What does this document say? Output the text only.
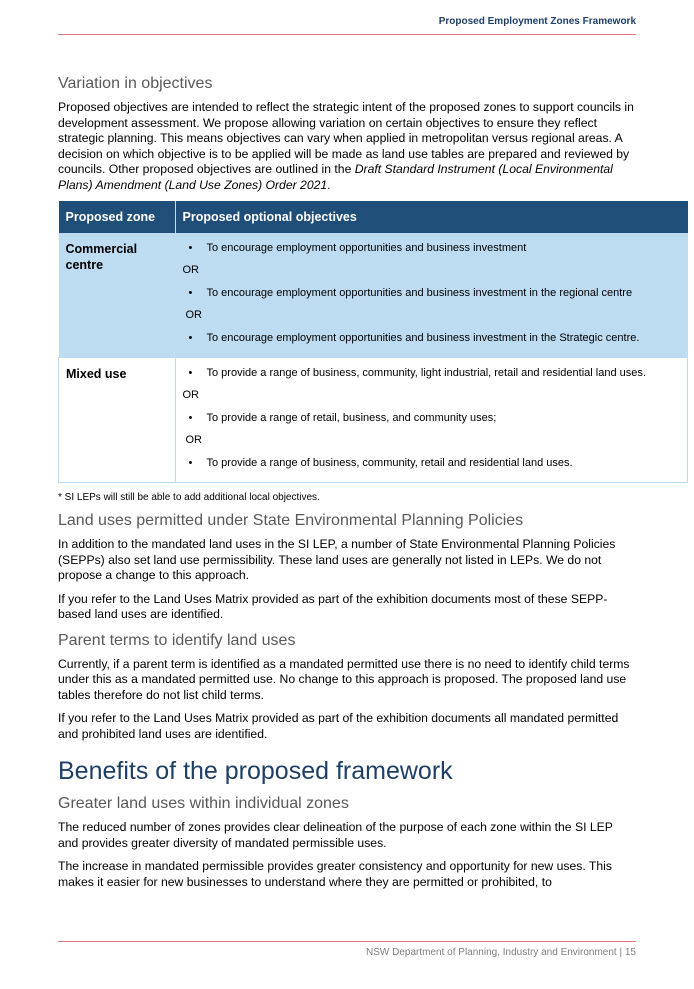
Proposed Employment Zones Framework
Variation in objectives

Proposed objectives are intended to reflect the strategic intent of the proposed zones to support councils in development assessment. We propose allowing variation on certain objectives to ensure they reflect strategic planning. This means objectives can vary when applied in metropolitan versus regional areas. A decision on which objective is to be applied will be made as land use tables are prepared and reviewed by councils. Other proposed objectives are outlined in the Draft Standard Instrument (Local Environmental Plans) Amendment (Land Use Zones) Order 2021.

Proposed zone	Proposed optional objectives
Commercial centre	• To encourage employment opportunities and business investment
OR
• To encourage employment opportunities and business investment in the regional centre
OR
• To encourage employment opportunities and business investment in the Strategic centre.

Mixed use	• To provide a range of business, community, light industrial, retail and residential land uses.
OR
• To provide a range of retail, business, and community uses;
OR
• To provide a range of business, community, retail and residential land uses.

* SI LEPs will still be able to add additional local objectives.

Land uses permitted under State Environmental Planning Policies

In addition to the mandated land uses in the SI LEP, a number of State Environmental Planning Policies (SEPPs) also set land use permissibility. These land uses are generally not listed in LEPs. We do not propose a change to this approach.

If you refer to the Land Uses Matrix provided as part of the exhibition documents most of these SEPP-based land uses are identified.

Parent terms to identify land uses

Currently, if a parent term is identified as a mandated permitted use there is no need to identify child terms under this as a mandated permitted use. No change to this approach is proposed. The proposed land use tables therefore do not list child terms.

If you refer to the Land Uses Matrix provided as part of the exhibition documents all mandated permitted and prohibited land uses are identified.

Benefits of the proposed framework
Greater land uses within individual zones

The reduced number of zones provides clear delineation of the purpose of each zone within the SI LEP and provides greater diversity of mandated permissible uses.

The increase in mandated permissible provides greater consistency and opportunity for new uses. This makes it easier for new businesses to understand where they are permitted or prohibited, to

NSW Department of Planning, Industry and Environment | 15
